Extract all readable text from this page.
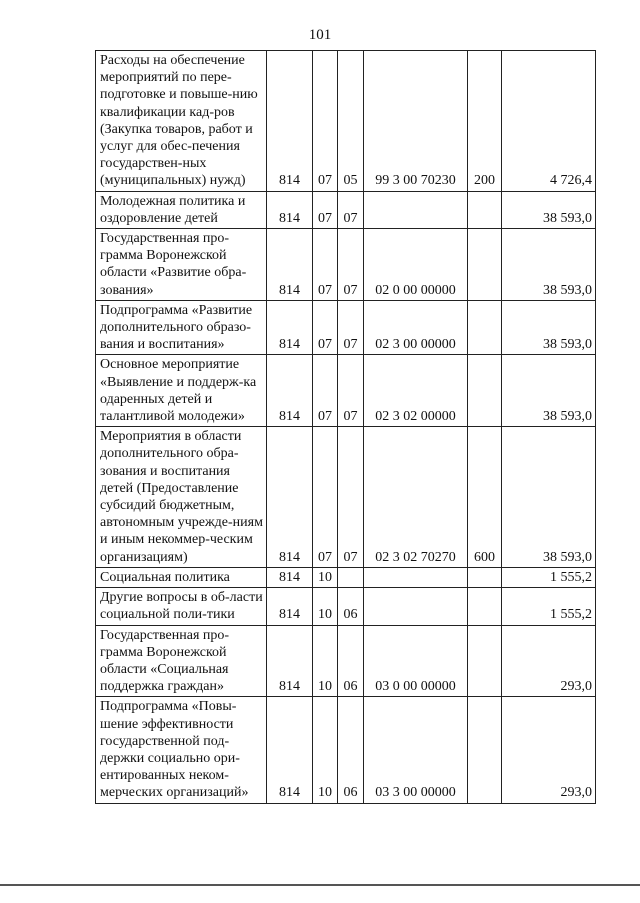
101
Расходы на обеспечение мероприятий по пере-подготовке и повыше-нию квалификации кад-ров (Закупка товаров, работ и услуг для обес-печения государствен-ных (муниципальных) нужд)	814	07	05	99 3 00 70230	200	4 726,4
Молодежная политика и оздоровление детей	814	07	07			38 593,0
Государственная про-грамма Воронежской области «Развитие обра-зования»	814	07	07	02 0 00 00000		38 593,0
Подпрограмма «Развитие дополнительного образо-вания и воспитания»	814	07	07	02 3 00 00000		38 593,0
Основное мероприятие «Выявление и поддерж-ка одаренных детей и талантливой молодежи»	814	07	07	02 3 02 00000		38 593,0
Мероприятия в области дополнительного обра-зования и воспитания детей (Предоставление субсидий бюджетным, автономным учрежде-ниям и иным некоммер-ческим организациям)	814	07	07	02 3 02 70270	600	38 593,0
Социальная политика	814	10				1 555,2
Другие вопросы в об-ласти социальной поли-тики	814	10	06			1 555,2
Государственная про-грамма Воронежской области «Социальная поддержка граждан»	814	10	06	03 0 00 00000		293,0
Подпрограмма «Повы-шение эффективности государственной под-держки социально ори-ентированных неком-мерческих организаций»	814	10	06	03 3 00 00000		293,0
